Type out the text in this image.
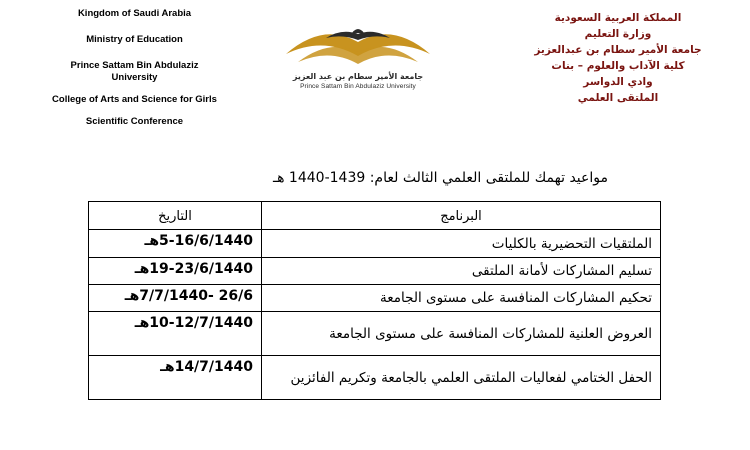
Kingdom of Saudi Arabia
Ministry of Education
Prince Sattam Bin Abdulaziz
University
College of Arts and Science for Girls
Scientific Conference
جامعة الأمير سطام بن عبد العزيز
Prince Sattam Bin Abdulaziz University
المملكة العربية السعودية
وزارة التعليم
جامعة الأمير سطام بن عبدالعزيز
كلية الآداب والعلوم – بنات
وادي الدواسر
الملتقى العلمي
مواعيد تهمك للملتقى العلمي الثالث لعام: 1439-1440 هـ
البرنامج	التاريخ
الملتقيات التحضيرية بالكليات	5-16/6/1440هـ
تسليم المشاركات لأمانة الملتقى	19-23/6/1440هـ
تحكيم المشاركات المنافسة على مستوى الجامعة	26/6 -7/7/1440هـ
العروض العلنية للمشاركات المنافسة على مستوى الجامعة	10-12/7/1440هـ
الحفل الختامي لفعاليات الملتقى العلمي بالجامعة وتكريم الفائزين	14/7/1440هـ
